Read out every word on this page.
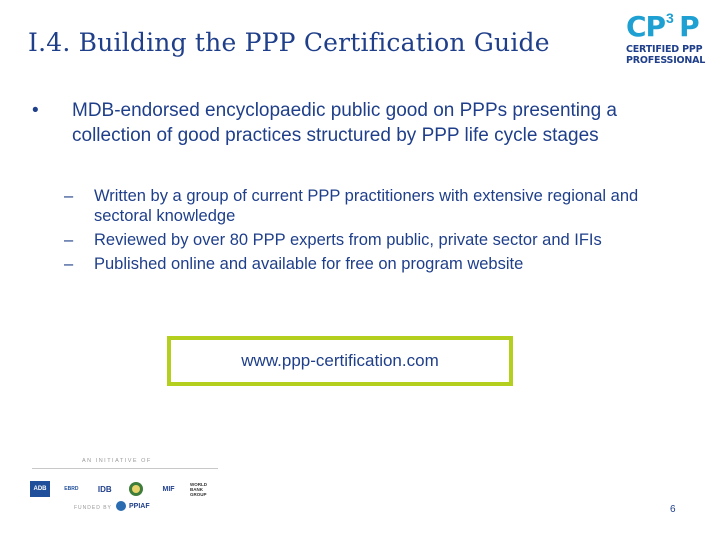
I.4. Building the PPP Certification Guide	CP P
3
CERTIFIED PPP
PROFESSIONAL
• MDB-endorsed encyclopaedic public good on PPPs presenting a collection of good practices structured by PPP life cycle stages
– Written by a group of current PPP practitioners with extensive regional and sectoral knowledge
– Reviewed by over 80 PPP experts from public, private sector and IFIs
– Published online and available for free on program website
www.ppp-certification.com
AN INITIATIVE OF
ADB	EBRD	IDB	MIF
WORLD BANK GROUP
FUNDED BY PPIAF	6
